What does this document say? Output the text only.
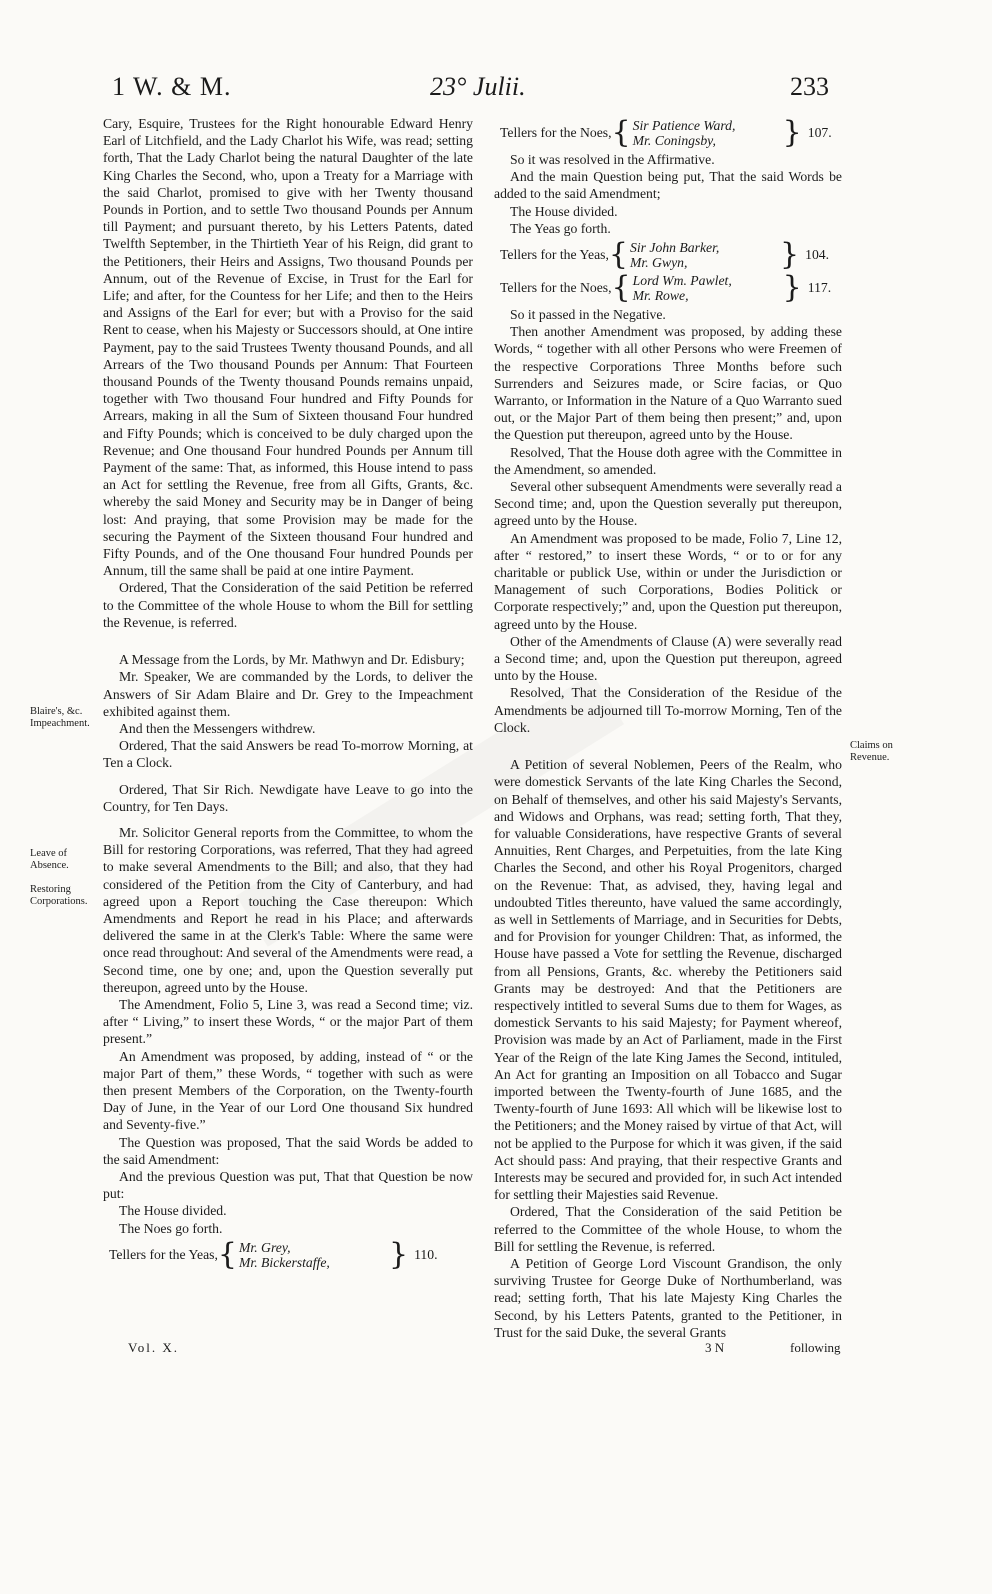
1 W. & M.	23° Julii.	233
Blaire's, &c. Impeachment.
Leave of Absence.
Restoring Corporations.
Claims on Revenue.

Cary, Esquire, Trustees for the Right honourable Edward Henry Earl of Litchfield, and the Lady Charlot his Wife, was read; setting forth, That the Lady Charlot being the natural Daughter of the late King Charles the Second, who, upon a Treaty for a Marriage with the said Charlot, promised to give with her Twenty thousand Pounds in Portion, and to settle Two thousand Pounds per Annum till Payment; and pursuant thereto, by his Letters Patents, dated Twelfth September, in the Thirtieth Year of his Reign, did grant to the Petitioners, their Heirs and Assigns, Two thousand Pounds per Annum, out of the Revenue of Excise, in Trust for the Earl for Life; and after, for the Countess for her Life; and then to the Heirs and Assigns of the Earl for ever; but with a Proviso for the said Rent to cease, when his Majesty or Successors should, at One intire Payment, pay to the said Trustees Twenty thousand Pounds, and all Arrears of the Two thousand Pounds per Annum: That Fourteen thousand Pounds of the Twenty thousand Pounds remains unpaid, together with Two thousand Four hundred and Fifty Pounds for Arrears, making in all the Sum of Sixteen thousand Four hundred and Fifty Pounds; which is conceived to be duly charged upon the Revenue; and One thousand Four hundred Pounds per Annum till Payment of the same: That, as informed, this House intend to pass an Act for settling the Revenue, free from all Gifts, Grants, &c. whereby the said Money and Security may be in Danger of being lost: And praying, that some Provision may be made for the securing the Payment of the Sixteen thousand Four hundred and Fifty Pounds, and of the One thousand Four hundred Pounds per Annum, till the same shall be paid at one intire Payment.

Ordered, That the Consideration of the said Petition be referred to the Committee of the whole House to whom the Bill for settling the Revenue, is referred.

A Message from the Lords, by Mr. Mathwyn and Dr. Edisbury;

Mr. Speaker, We are commanded by the Lords, to deliver the Answers of Sir Adam Blaire and Dr. Grey to the Impeachment exhibited against them.

And then the Messengers withdrew.

Ordered, That the said Answers be read To-morrow Morning, at Ten a Clock.

Ordered, That Sir Rich. Newdigate have Leave to go into the Country, for Ten Days.

Mr. Solicitor General reports from the Committee, to whom the Bill for restoring Corporations, was referred, That they had agreed to make several Amendments to the Bill; and also, that they had considered of the Petition from the City of Canterbury, and had agreed upon a Report touching the Case thereupon: Which Amendments and Report he read in his Place; and afterwards delivered the same in at the Clerk's Table: Where the same were once read throughout: And several of the Amendments were read, a Second time, one by one; and, upon the Question severally put thereupon, agreed unto by the House.

The Amendment, Folio 5, Line 3, was read a Second time; viz. after “ Living,” to insert these Words, “ or the major Part of them present.”

An Amendment was proposed, by adding, instead of “ or the major Part of them,” these Words, “ together with such as were then present Members of the Corporation, on the Twenty-fourth Day of June, in the Year of our Lord One thousand Six hundred and Seventy-five.”

The Question was proposed, That the said Words be added to the said Amendment:

And the previous Question was put, That that Question be now put:

The House divided.

The Noes go forth.

Tellers for the Yeas, { Mr. Grey,
Mr. Bickerstaffe,	} 110.
Tellers for the Noes, { Sir Patience Ward,
Mr. Coningsby,	} 107.

So it was resolved in the Affirmative.

And the main Question being put, That the said Words be added to the said Amendment;

The House divided.

The Yeas go forth.

Tellers for the Yeas, { Sir John Barker,
Mr. Gwyn,	} 104.
Tellers for the Noes, { Lord Wm. Pawlet,
Mr. Rowe,	} 117.

So it passed in the Negative.

Then another Amendment was proposed, by adding these Words, “ together with all other Persons who were Freemen of the respective Corporations Three Months before such Surrenders and Seizures made, or Scire facias, or Quo Warranto, or Information in the Nature of a Quo Warranto sued out, or the Major Part of them being then present;” and, upon the Question put thereupon, agreed unto by the House.

Resolved, That the House doth agree with the Committee in the Amendment, so amended.

Several other subsequent Amendments were severally read a Second time; and, upon the Question severally put thereupon, agreed unto by the House.

An Amendment was proposed to be made, Folio 7, Line 12, after “ restored,” to insert these Words, “ or to or for any charitable or publick Use, within or under the Jurisdiction or Management of such Corporations, Bodies Politick or Corporate respectively;” and, upon the Question put thereupon, agreed unto by the House.

Other of the Amendments of Clause (A) were severally read a Second time; and, upon the Question put thereupon, agreed unto by the House.

Resolved, That the Consideration of the Residue of the Amendments be adjourned till To-morrow Morning, Ten of the Clock.

A Petition of several Noblemen, Peers of the Realm, who were domestick Servants of the late King Charles the Second, on Behalf of themselves, and other his said Majesty's Servants, and Widows and Orphans, was read; setting forth, That they, for valuable Considerations, have respective Grants of several Annuities, Rent Charges, and Perpetuities, from the late King Charles the Second, and other his Royal Progenitors, charged on the Revenue: That, as advised, they, having legal and undoubted Titles thereunto, have valued the same accordingly, as well in Settlements of Marriage, and in Securities for Debts, and for Provision for younger Children: That, as informed, the House have passed a Vote for settling the Revenue, discharged from all Pensions, Grants, &c. whereby the Petitioners said Grants may be destroyed: And that the Petitioners are respectively intitled to several Sums due to them for Wages, as domestick Servants to his said Majesty; for Payment whereof, Provision was made by an Act of Parliament, made in the First Year of the Reign of the late King James the Second, intituled, An Act for granting an Imposition on all Tobacco and Sugar imported between the Twenty-fourth of June 1685, and the Twenty-fourth of June 1693: All which will be likewise lost to the Petitioners; and the Money raised by virtue of that Act, will not be applied to the Purpose for which it was given, if the said Act should pass: And praying, that their respective Grants and Interests may be secured and provided for, in such Act intended for settling their Majesties said Revenue.

Ordered, That the Consideration of the said Petition be referred to the Committee of the whole House, to whom the Bill for settling the Revenue, is referred.

A Petition of George Lord Viscount Grandison, the only surviving Trustee for George Duke of Northumberland, was read; setting forth, That his late Majesty King Charles the Second, by his Letters Patents, granted to the Petitioner, in Trust for the said Duke, the several Grants

Vol. X.	3 N	following
